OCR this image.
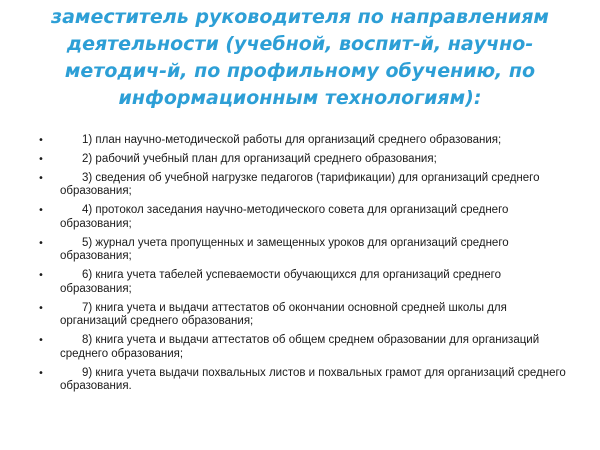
заместитель руководителя по направлениям деятельности (учебной, воспит-й, научно-методич-й, по профильному обучению, по информационным технологиям):
•	1) план научно-методической работы для организаций среднего образования;
•	2) рабочий учебный план для организаций среднего образования;
•	3) сведения об учебной нагрузке педагогов (тарификации) для организаций среднего образования;
•	4) протокол заседания научно-методического совета для организаций среднего образования;
•	5) журнал учета пропущенных и замещенных уроков для организаций среднего образования;
•	6) книга учета табелей успеваемости обучающихся для организаций среднего образования;
•	7) книга учета и выдачи аттестатов об окончании основной средней школы для организаций среднего образования;
•	8) книга учета и выдачи аттестатов об общем среднем образовании для организаций среднего образования;
•	9) книга учета выдачи похвальных листов и похвальных грамот для организаций среднего образования.
